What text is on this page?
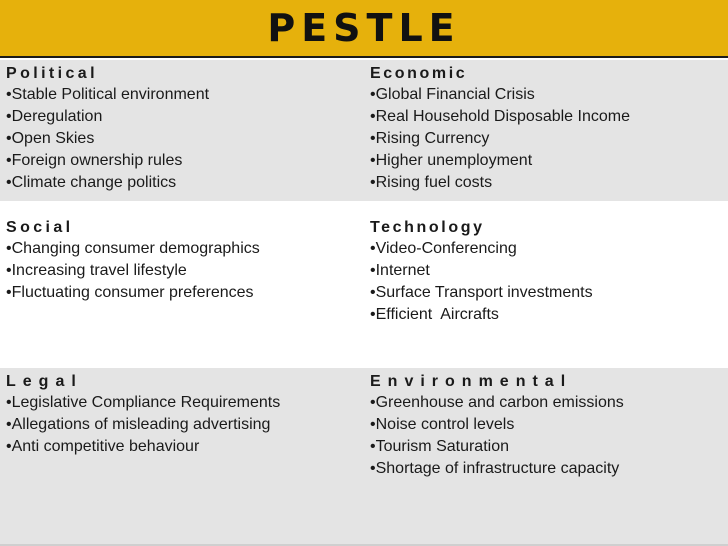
PESTLE
Political
•Stable Political environment
•Deregulation
•Open Skies
•Foreign ownership rules
•Climate change politics
Economic
•Global Financial Crisis
•Real Household Disposable Income
•Rising Currency
•Higher unemployment
•Rising fuel costs
Social
•Changing consumer demographics
•Increasing travel lifestyle
•Fluctuating consumer preferences
Technology
•Video-Conferencing
•Internet
•Surface Transport investments
•Efficient  Aircrafts
Legal
•Legislative Compliance Requirements
•Allegations of misleading advertising
•Anti competitive behaviour
Environmental
•Greenhouse and carbon emissions
•Noise control levels
•Tourism Saturation
•Shortage of infrastructure capacity
